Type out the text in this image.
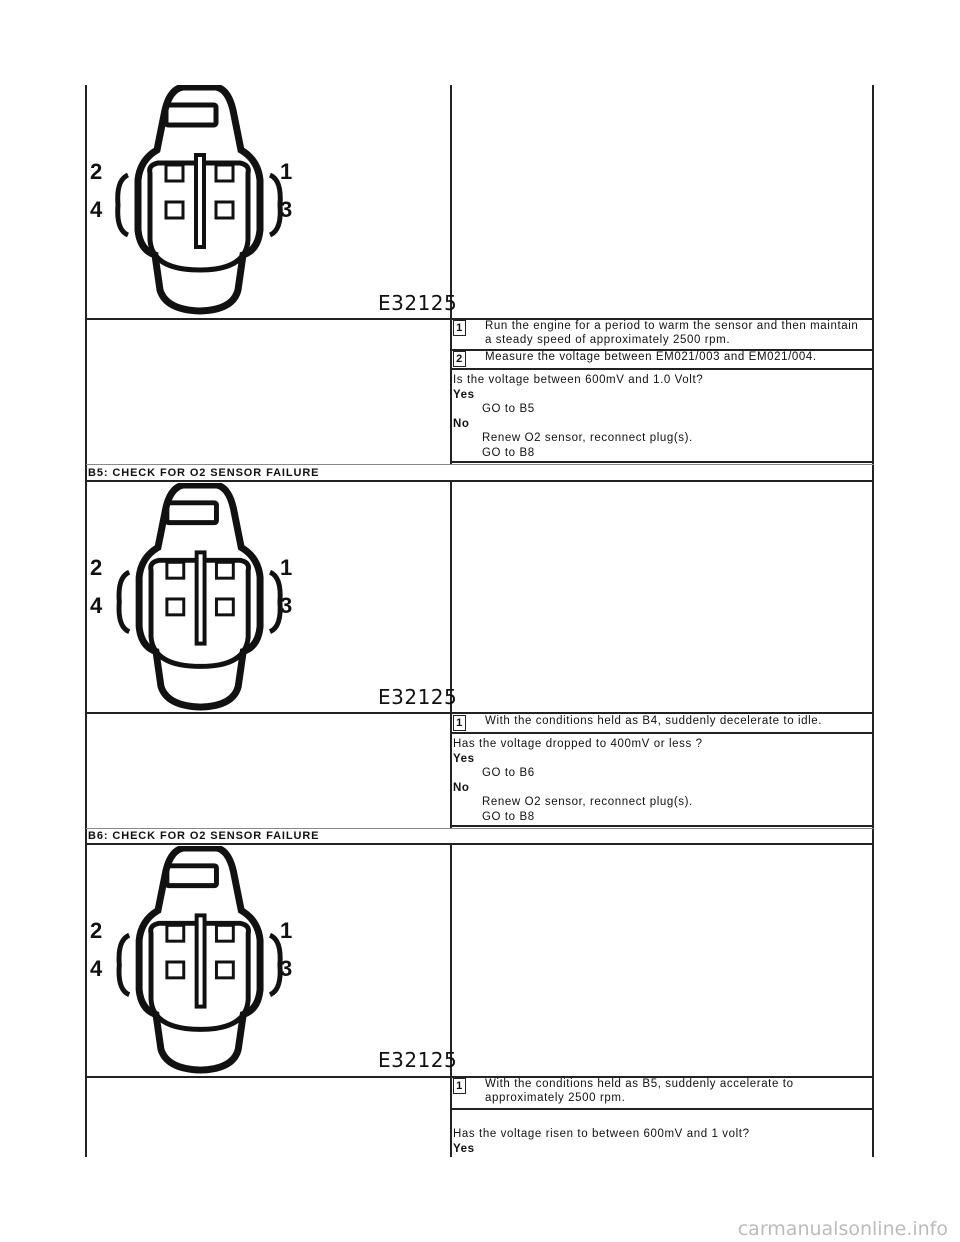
2	1
4	3
E32125
1 Run the engine for a period to warm the sensor and then maintain a steady speed of approximately 2500 rpm.
2 Measure the voltage between EM021/003 and EM021/004.
Is the voltage between 600mV and 1.0 Volt?
Yes
GO to B5
No
Renew O2 sensor, reconnect plug(s).
GO to B8
B5: CHECK FOR O2 SENSOR FAILURE
2	1
4	3
E32125
1 With the conditions held as B4, suddenly decelerate to idle.
Has the voltage dropped to 400mV or less ?
Yes
GO to B6
No
Renew O2 sensor, reconnect plug(s).
GO to B8
B6: CHECK FOR O2 SENSOR FAILURE
2	1
4	3
E32125
1 With the conditions held as B5, suddenly accelerate to approximately 2500 rpm.
Has the voltage risen to between 600mV and 1 volt?
Yes
carmanualsonline.info
